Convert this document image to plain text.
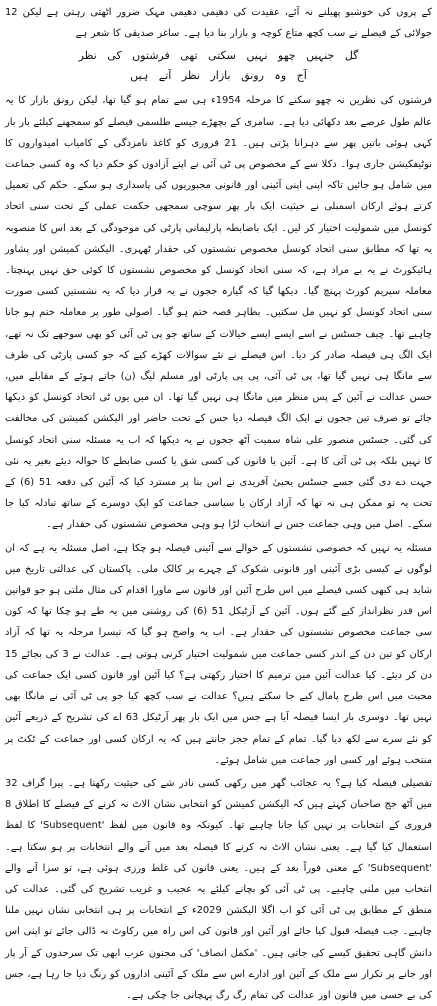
کے پروں کی خوشبو پھیلنے نہ آئے، عقیدت کی دھیمی دھیمی مہک ضرور اٹھتی رہتی ہے لیکن 12 جولائی کے فیصلے نے سب کچھ متاع کوچہ و بازار بنا دیا ہے۔ ساغر صدیقی کا شعر ہے

گل جنہیں چھو نہیں سکتی تھی فرشتوں کی نظر
آج وہ رونق بازار نظر آتے ہیں

فرشتوں کی نظریں نہ چھو سکنے کا مرحلہ 1954ء ہی سے تمام ہو گیا تھا، لیکن رونق بازار کا یہ عالم طول عرصے بعد دکھائی دیا ہے۔ سامری کے بچھڑے جیسے طلسمی فیصلے کو سمجھنے کیلئے بار بار کہی ہوئی باتیں پھر سے دہرانا پڑتی ہیں۔ 21 فروری کو کاغذ نامزدگی کے کامیاب امیدواروں کا نوٹیفکیشن جاری ہوا۔ دکلا سے کے مخصوص پی ٹی آئی نے اپنے آزادوں کو حکم دیا کہ وہ کسی جماعت میں شامل ہو جائیں تاکہ اپنی اپنی آئینی اور قانونی مجبوریوں کی پاسداری ہو سکے۔ حکم کی تعمیل کرتے ہوئے ارکان اسمبلی نے حیثیت ایک بار پھر سوچی سمجھی حکمت عملی کے تحت سنی اتحاد کونسل میں شمولیت اختیار کر لیں۔ ایک باضابطہ پارلیمانی پارٹی کی موجودگی کے بعد اس کا منصوبہ یہ تھا کہ مطابق سنی اتحاد کونسل مخصوص نشستوں کی حقدار ٹھہری۔ الیکشن کمیشن اور پشاور ہائیکورٹ نے یہ بے مراد ہے، کہ سنی اتحاد کونسل کو مخصوص نشستوں کا کوئی حق نہیں پہنچتا۔ معاملہ سپریم کورٹ پہنچ گیا۔ دیکھا گیا کہ گیارہ ججوں نے یہ قرار دیا کہ یہ نشستیں کسی صورت سنی اتحاد کونسل کو نہیں مل سکتیں۔ بظاہر قصہ ختم ہو گیا۔ اصولی طور پر معاملہ ختم ہو جانا چاہیے تھا۔ چیف جسٹس نے اسے ایسے ایسے خیالات کے ساتھ جو پی ٹی آئی کو بھی سوجھے تک نہ تھے، ایک الگ ہی فیصلہ صادر کر دیا۔ اس فیصلے نے نئے سوالات کھڑے کیے کہ جو کسی پارٹی کی طرف سے مانگا ہی نہیں گیا تھا، پی ٹی آئی، پی پی پارٹی اور مسلم لیگ (ن) جاتے ہوئے کے مقابلے میں، حسن عدالت نے آئین کے پس منظر میں مانگا ہی نہیں گیا تھا۔ ان میں یوں ٹی اتحاد کونسل کو دیکھا جائے تو صرف تین ججوں نے ایک الگ فیصلہ دیا جس کے تحت حاضر اور الیکشن کمیشن کی مخالفت کی گئی۔ جسٹس منصور علی شاہ سمیت آٹھ ججوں نے یہ دیکھا کہ اب یہ مسئلہ سنی اتحاد کونسل کا نہیں بلکہ پی ٹی آئی کا ہے۔ آئین یا قانون کی کسی شق یا کسی ضابطے کا حوالہ دیئے بغیر یہ نئی جہت دے دی گئی جسے جسٹس یحییٰ آفریدی نے اس بنا پر مسترد کیا کہ آئین کی دفعہ 51 (6) کے تحت یہ تو ممکن ہی نہ تھا کہ آزاد ارکان یا سیاسی جماعت کو ایک دوسرے کے ساتھ تبادلہ کیا جا سکے۔ اصل میں وہی جماعت جس نے انتخاب لڑا ہو وہی مخصوص نشستوں کی حقدار ہے۔

مسئلہ یہ نہیں کہ خصوصی نشستوں کے حوالے سے آئینی فیصلہ ہو چکا ہے، اصل مسئلہ یہ ہے کہ ان لوگوں نے کیسی بڑی آئینی اور قانونی شکوک کے چہرے پر کالک ملی۔ پاکستان کی عدالتی تاریخ میں شاید ہی کبھی کسی فیصلے میں اس طرح آئین اور قانون سے ماورا اقدام کی مثال ملتی ہو جو قوانین اس قدر نظرانداز کیے گئے ہوں۔ آئین کے آرٹیکل 51 (6) کی روشنی میں یہ طے ہو چکا تھا کہ کون سی جماعت مخصوص نشستوں کی حقدار ہے۔ اب یہ واضح ہو گیا کہ تیسرا مرحلہ یہ تھا کہ آزاد ارکان کو تین دن کے اندر کسی جماعت میں شمولیت اختیار کرنی ہوتی ہے۔ عدالت نے 3 کی بجائے 15 دن کر دیئے۔ کیا عدالت آئین میں ترمیم کا اختیار رکھتی ہے؟ کیا آئین اور قانون کسی ایک جماعت کی محبت میں اس طرح پامال کیے جا سکتے ہیں؟ عدالت نے سب کچھ کیا جو پی ٹی آئی نے مانگا بھی نہیں تھا۔ دوسری بار ایسا فیصلہ آیا ہے جس میں ایک بار پھر آرٹیکل 63 اے کی تشریح کے ذریعے آئین کو نئے سرے سے لکھ دیا گیا۔ تمام کے تمام ججز جانتے ہیں کہ یہ ارکان کسی اور جماعت کے ٹکٹ پر منتخب ہوئے اور کسی اور جماعت میں شامل ہوئے۔

تفصیلی فیصلہ کیا ہے؟ یہ عجائب گھر میں رکھی کسی نادر شے کی حیثیت رکھتا ہے۔ پیرا گراف 32 میں آٹھ جج صاحبان کہتے ہیں کہ الیکشن کمیشن کو انتخابی نشان الاٹ نہ کرنے کے فیصلے کا اطلاق 8 فروری کے انتخابات پر نہیں کیا جانا چاہیے تھا۔ کیونکہ وہ قانون میں لفظ 'Subsequent' کا لفظ استعمال کیا گیا ہے۔ یعنی نشان الاٹ نہ کرنے کا فیصلہ بعد میں آنے والے انتخابات پر ہو سکتا ہے۔ 'Subsequent' کے معنی فوراً بعد کے ہیں۔ یعنی قانون کی غلط ورزی ہوئی ہے، تو سزا آنے والے انتخاب میں ملنی چاہیے۔ پی ٹی آئی کو بچانے کیلئے یہ عجیب و غریب تشریح کی گئی۔ عدالت کی منطق کے مطابق پی ٹی آئی کو اب اگلا الیکشن 2029ء کے انتخابات پر ہی انتخابی نشان نہیں ملنا چاہیے۔ جب فیصلہ قبول کیا جائے اور آئین اور قانون کی اس راہ میں رکاوٹ نہ ڈالی جائے تو اپنی اس دانش گاہی تحقیق کیسے کی جاتی ہیں۔ 'مکمل انصاف' کی مجنون عرب ابھی تک سرحدوں کے آر پار اور جانے پر تکرار سے ملک کے آئین اور ادارے اس سے ملک کے آئینی اداروں کو رنگ دیا جا رہا ہے، جس کی بے حسی میں قانون اور عدالت کی تمام رگ رگ پہچانی جا چکی ہے۔
